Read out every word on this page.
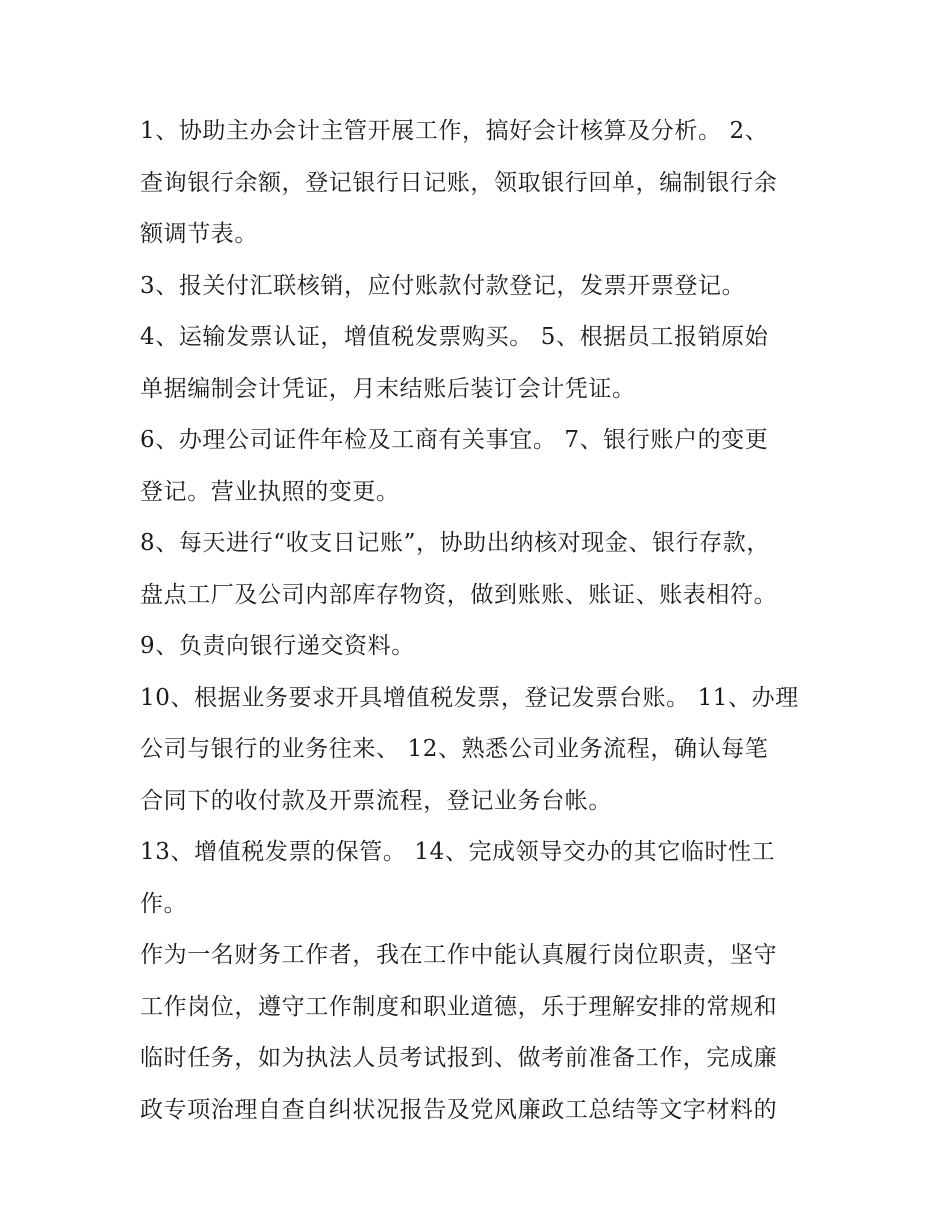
1、协助主办会计主管开展工作，搞好会计核算及分析。 2、
查询银行余额，登记银行日记账，领取银行回单，编制银行余
额调节表。
3、报关付汇联核销，应付账款付款登记，发票开票登记。
4、运输发票认证，增值税发票购买。 5、根据员工报销原始
单据编制会计凭证，月末结账后装订会计凭证。
6、办理公司证件年检及工商有关事宜。 7、银行账户的变更
登记。营业执照的变更。
8、每天进行“收支日记账”，协助出纳核对现金、银行存款，
盘点工厂及公司内部库存物资，做到账账、账证、账表相符。
9、负责向银行递交资料。
10、根据业务要求开具增值税发票，登记发票台账。 11、办理
公司与银行的业务往来、 12、熟悉公司业务流程，确认每笔
合同下的收付款及开票流程，登记业务台帐。
13、增值税发票的保管。 14、完成领导交办的其它临时性工
作。
作为一名财务工作者，我在工作中能认真履行岗位职责，坚守
工作岗位，遵守工作制度和职业道德，乐于理解安排的常规和
临时任务，如为执法人员考试报到、做考前准备工作，完成廉
政专项治理自查自纠状况报告及党风廉政工总结等文字材料的
